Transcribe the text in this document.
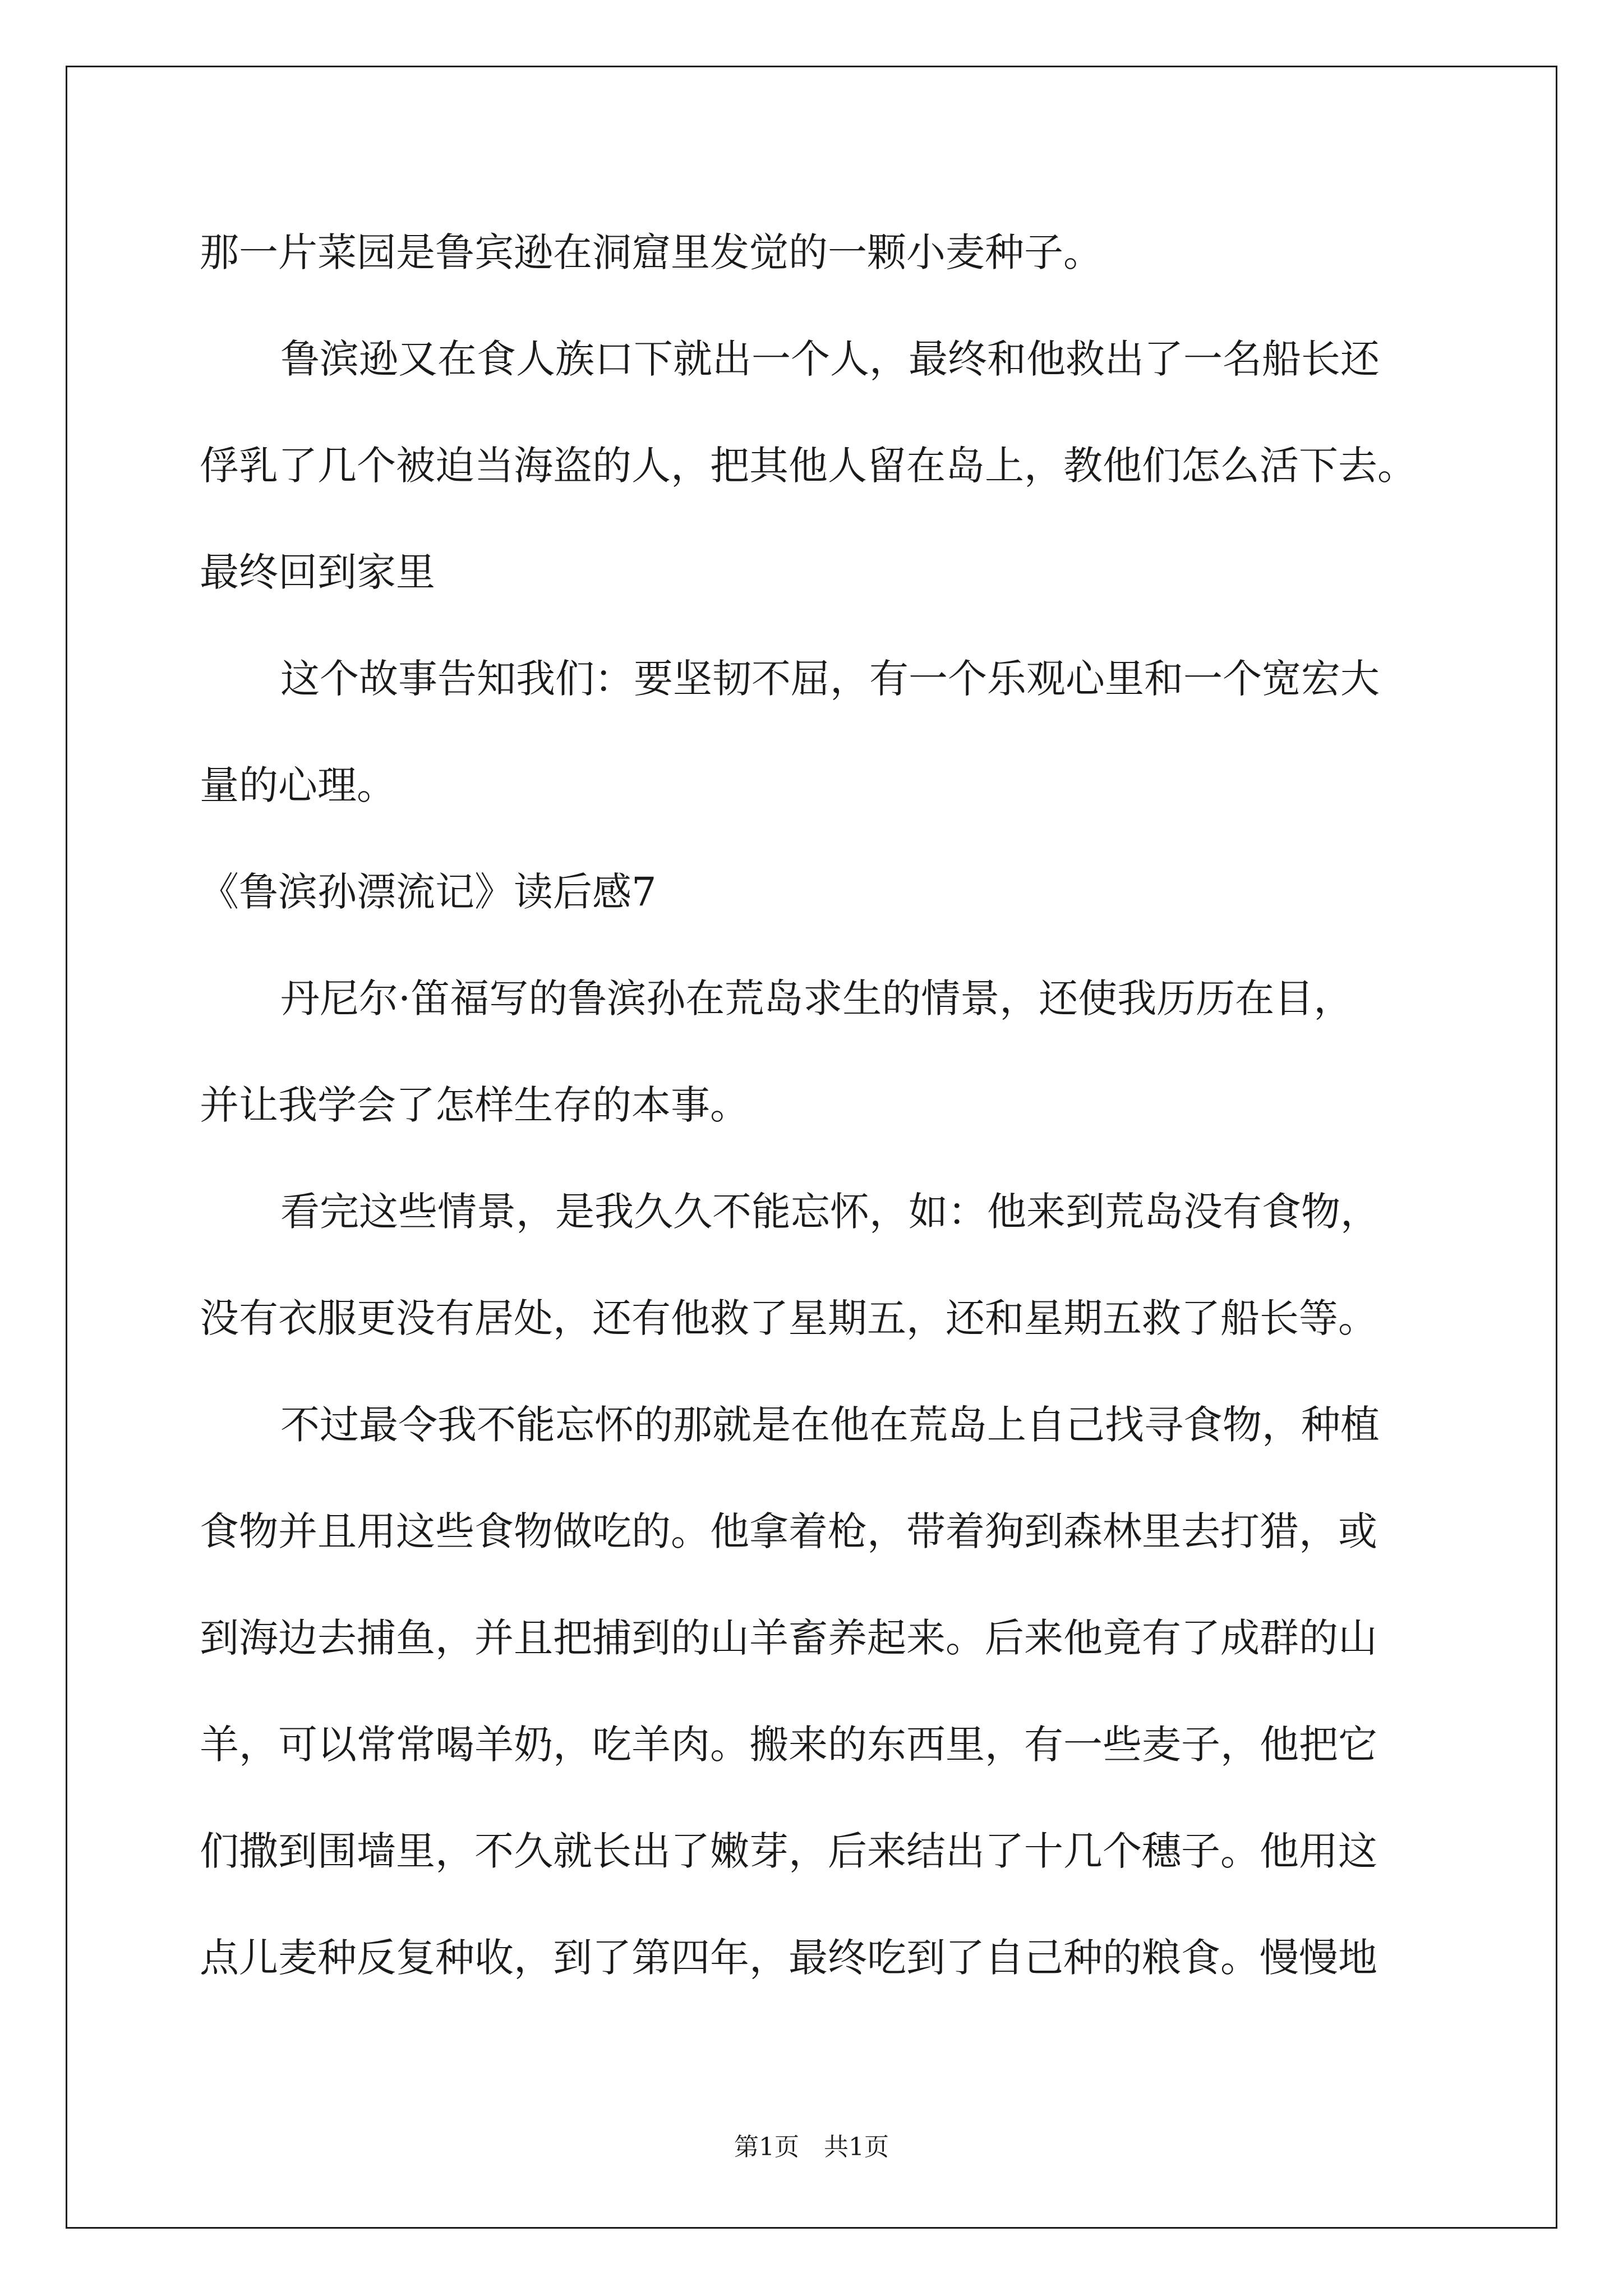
那一片菜园是鲁宾逊在洞窟里发觉的一颗小麦种子。
鲁滨逊又在食人族口下就出一个人，最终和他救出了一名船长还
俘乳了几个被迫当海盗的人，把其他人留在岛上，教他们怎么活下去。
最终回到家里
这个故事告知我们：要坚韧不屈，有一个乐观心里和一个宽宏大
量的心理。
《鲁滨孙漂流记》读后感7
丹尼尔·笛福写的鲁滨孙在荒岛求生的情景，还使我历历在目，
并让我学会了怎样生存的本事。
看完这些情景，是我久久不能忘怀，如：他来到荒岛没有食物，
没有衣服更没有居处，还有他救了星期五，还和星期五救了船长等。
不过最令我不能忘怀的那就是在他在荒岛上自己找寻食物，种植
食物并且用这些食物做吃的。他拿着枪，带着狗到森林里去打猎，或
到海边去捕鱼，并且把捕到的山羊畜养起来。后来他竟有了成群的山
羊，可以常常喝羊奶，吃羊肉。搬来的东西里，有一些麦子，他把它
们撒到围墙里，不久就长出了嫩芽，后来结出了十几个穗子。他用这
点儿麦种反复种收，到了第四年，最终吃到了自己种的粮食。慢慢地
第1页　共1页
